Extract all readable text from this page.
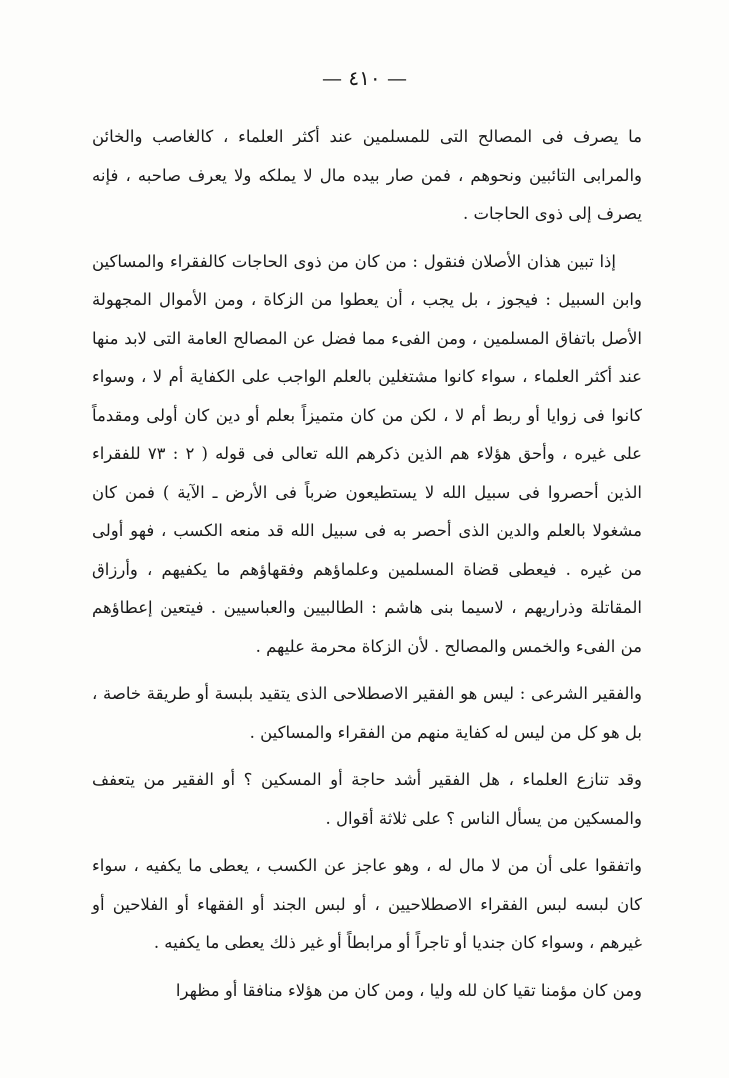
— ٤١٠ —

ما يصرف فى المصالح التى للمسلمين عند أكثر العلماء ، كالغاصب والخائن والمرابى التائبين ونحوهم ، فمن صار بيده مال لا يملكه ولا يعرف صاحبه ، فإنه يصرف إلى ذوى الحاجات .

إذا تبين هذان الأصلان فنقول : من كان من ذوى الحاجات كالفقراء والمساكين وابن السبيل : فيجوز ، بل يجب ، أن يعطوا من الزكاة ، ومن الأموال المجهولة الأصل باتفاق المسلمين ، ومن الفىء مما فضل عن المصالح العامة التى لابد منها عند أكثر العلماء ، سواء كانوا مشتغلين بالعلم الواجب على الكفاية أم لا ، وسواء كانوا فى زوايا أو ربط أم لا ، لكن من كان متميزاً بعلم أو دين كان أولى ومقدماً على غيره ، وأحق هؤلاء هم الذين ذكرهم الله تعالى فى قوله ( ٢ : ٧٣ للفقراء الذين أحصروا فى سبيل الله لا يستطيعون ضرباً فى الأرض ـ الآية ) فمن كان مشغولا بالعلم والدين الذى أحصر به فى سبيل الله قد منعه الكسب ، فهو أولى من غيره . فيعطى قضاة المسلمين وعلماؤهم وفقهاؤهم ما يكفيهم ، وأرزاق المقاتلة وذراريهم ، لاسيما بنى هاشم : الطالبيين والعباسيين . فيتعين إعطاؤهم من الفىء والخمس والمصالح . لأن الزكاة محرمة عليهم .

والفقير الشرعى : ليس هو الفقير الاصطلاحى الذى يتقيد بلبسة أو طريقة خاصة ، بل هو كل من ليس له كفاية منهم من الفقراء والمساكين .

وقد تنازع العلماء ، هل الفقير أشد حاجة أو المسكين ؟ أو الفقير من يتعفف والمسكين من يسأل الناس ؟ على ثلاثة أقوال .

واتفقوا على أن من لا مال له ، وهو عاجز عن الكسب ، يعطى ما يكفيه ، سواء كان لبسه لبس الفقراء الاصطلاحيين ، أو لبس الجند أو الفقهاء أو الفلاحين أو غيرهم ، وسواء كان جنديا أو تاجراً أو مرابطاً أو غير ذلك يعطى ما يكفيه .

ومن كان مؤمنا تقيا كان لله وليا ، ومن كان من هؤلاء منافقا أو مظهرا
